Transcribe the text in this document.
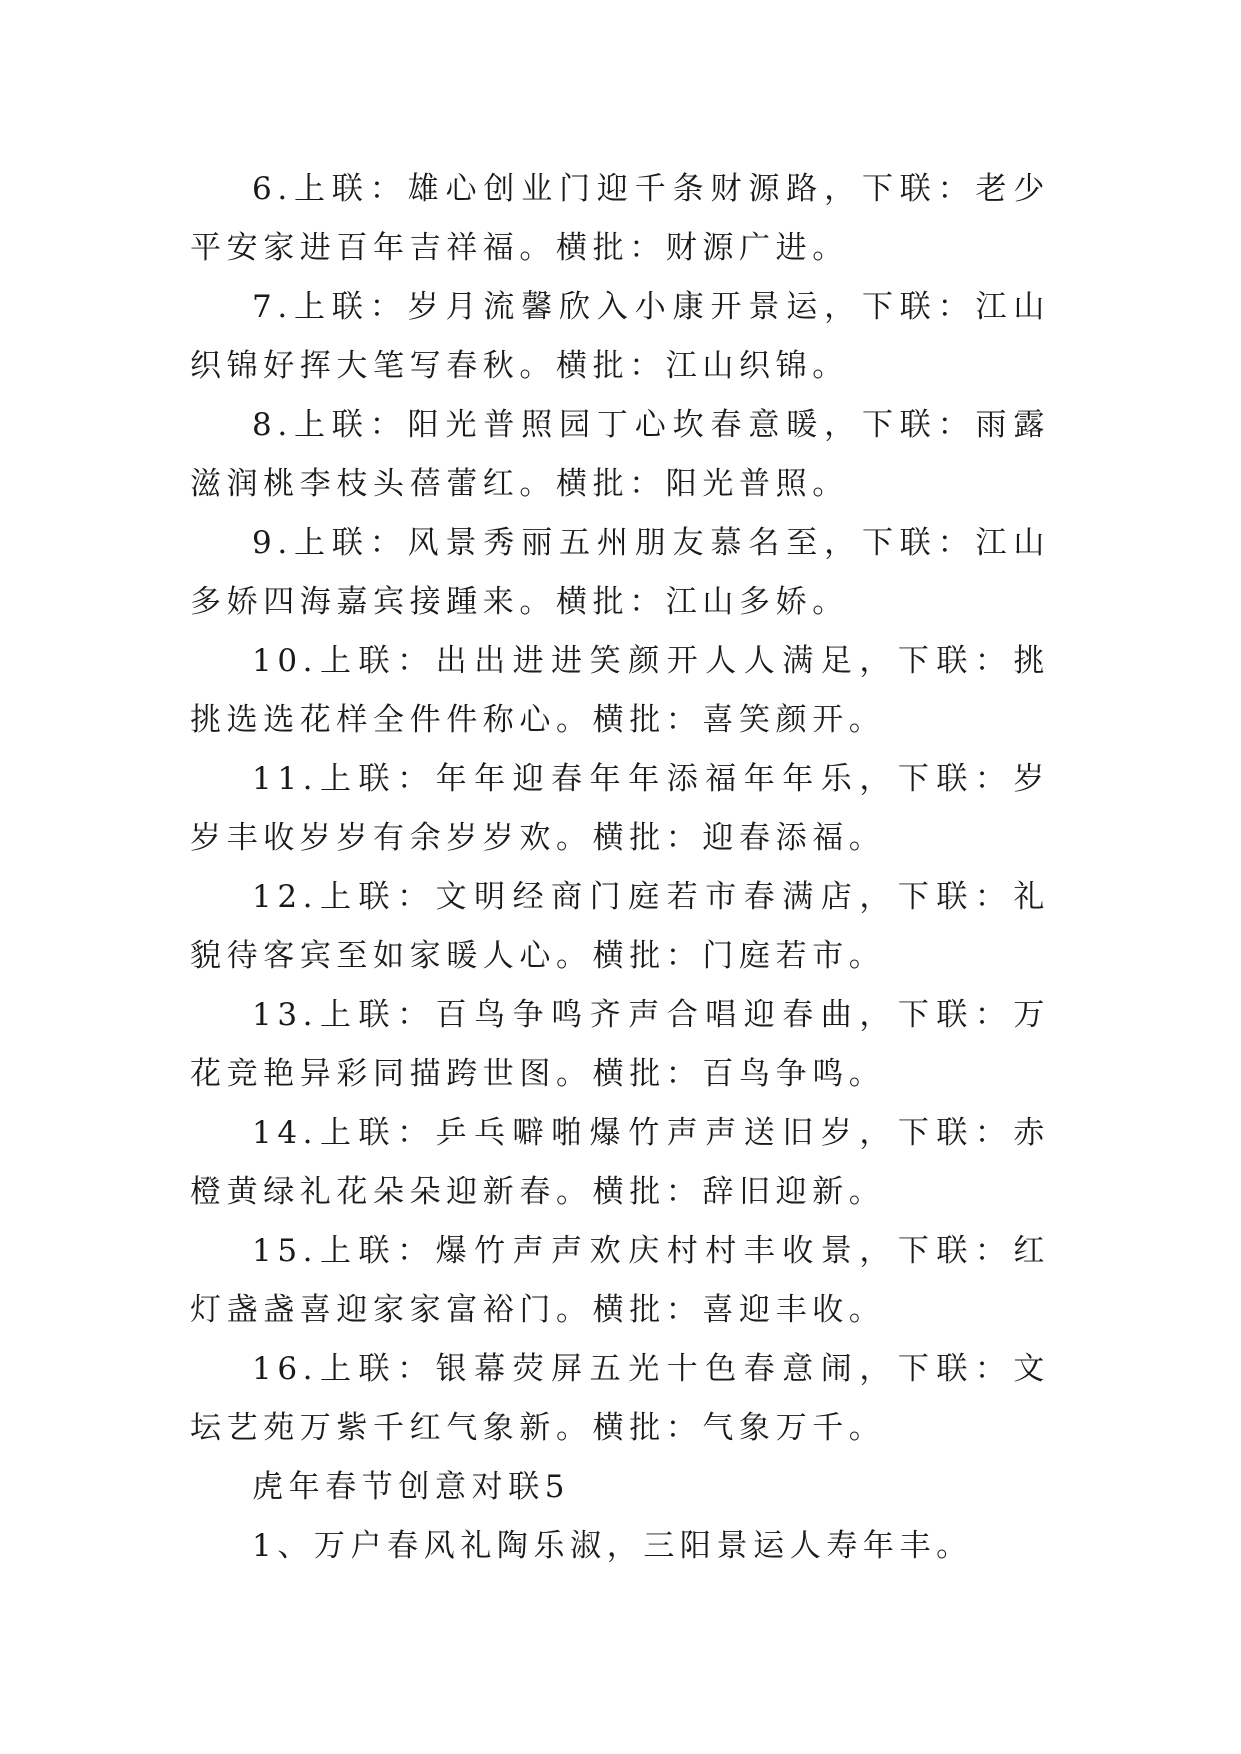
6.上联：雄心创业门迎千条财源路，下联：老少平安家进百年吉祥福。横批：财源广进。

7.上联：岁月流馨欣入小康开景运，下联：江山织锦好挥大笔写春秋。横批：江山织锦。

8.上联：阳光普照园丁心坎春意暖，下联：雨露滋润桃李枝头蓓蕾红。横批：阳光普照。

9.上联：风景秀丽五州朋友慕名至，下联：江山多娇四海嘉宾接踵来。横批：江山多娇。

10.上联：出出进进笑颜开人人满足，下联：挑挑选选花样全件件称心。横批：喜笑颜开。

11.上联：年年迎春年年添福年年乐，下联：岁岁丰收岁岁有余岁岁欢。横批：迎春添福。

12.上联：文明经商门庭若市春满店，下联：礼貌待客宾至如家暖人心。横批：门庭若市。

13.上联：百鸟争鸣齐声合唱迎春曲，下联：万花竞艳异彩同描跨世图。横批：百鸟争鸣。

14.上联：乒乓噼啪爆竹声声送旧岁，下联：赤橙黄绿礼花朵朵迎新春。横批：辞旧迎新。

15.上联：爆竹声声欢庆村村丰收景，下联：红灯盏盏喜迎家家富裕门。横批：喜迎丰收。

16.上联：银幕荧屏五光十色春意闹，下联：文坛艺苑万紫千红气象新。横批：气象万千。

虎年春节创意对联5

1、万户春风礼陶乐淑，三阳景运人寿年丰。
